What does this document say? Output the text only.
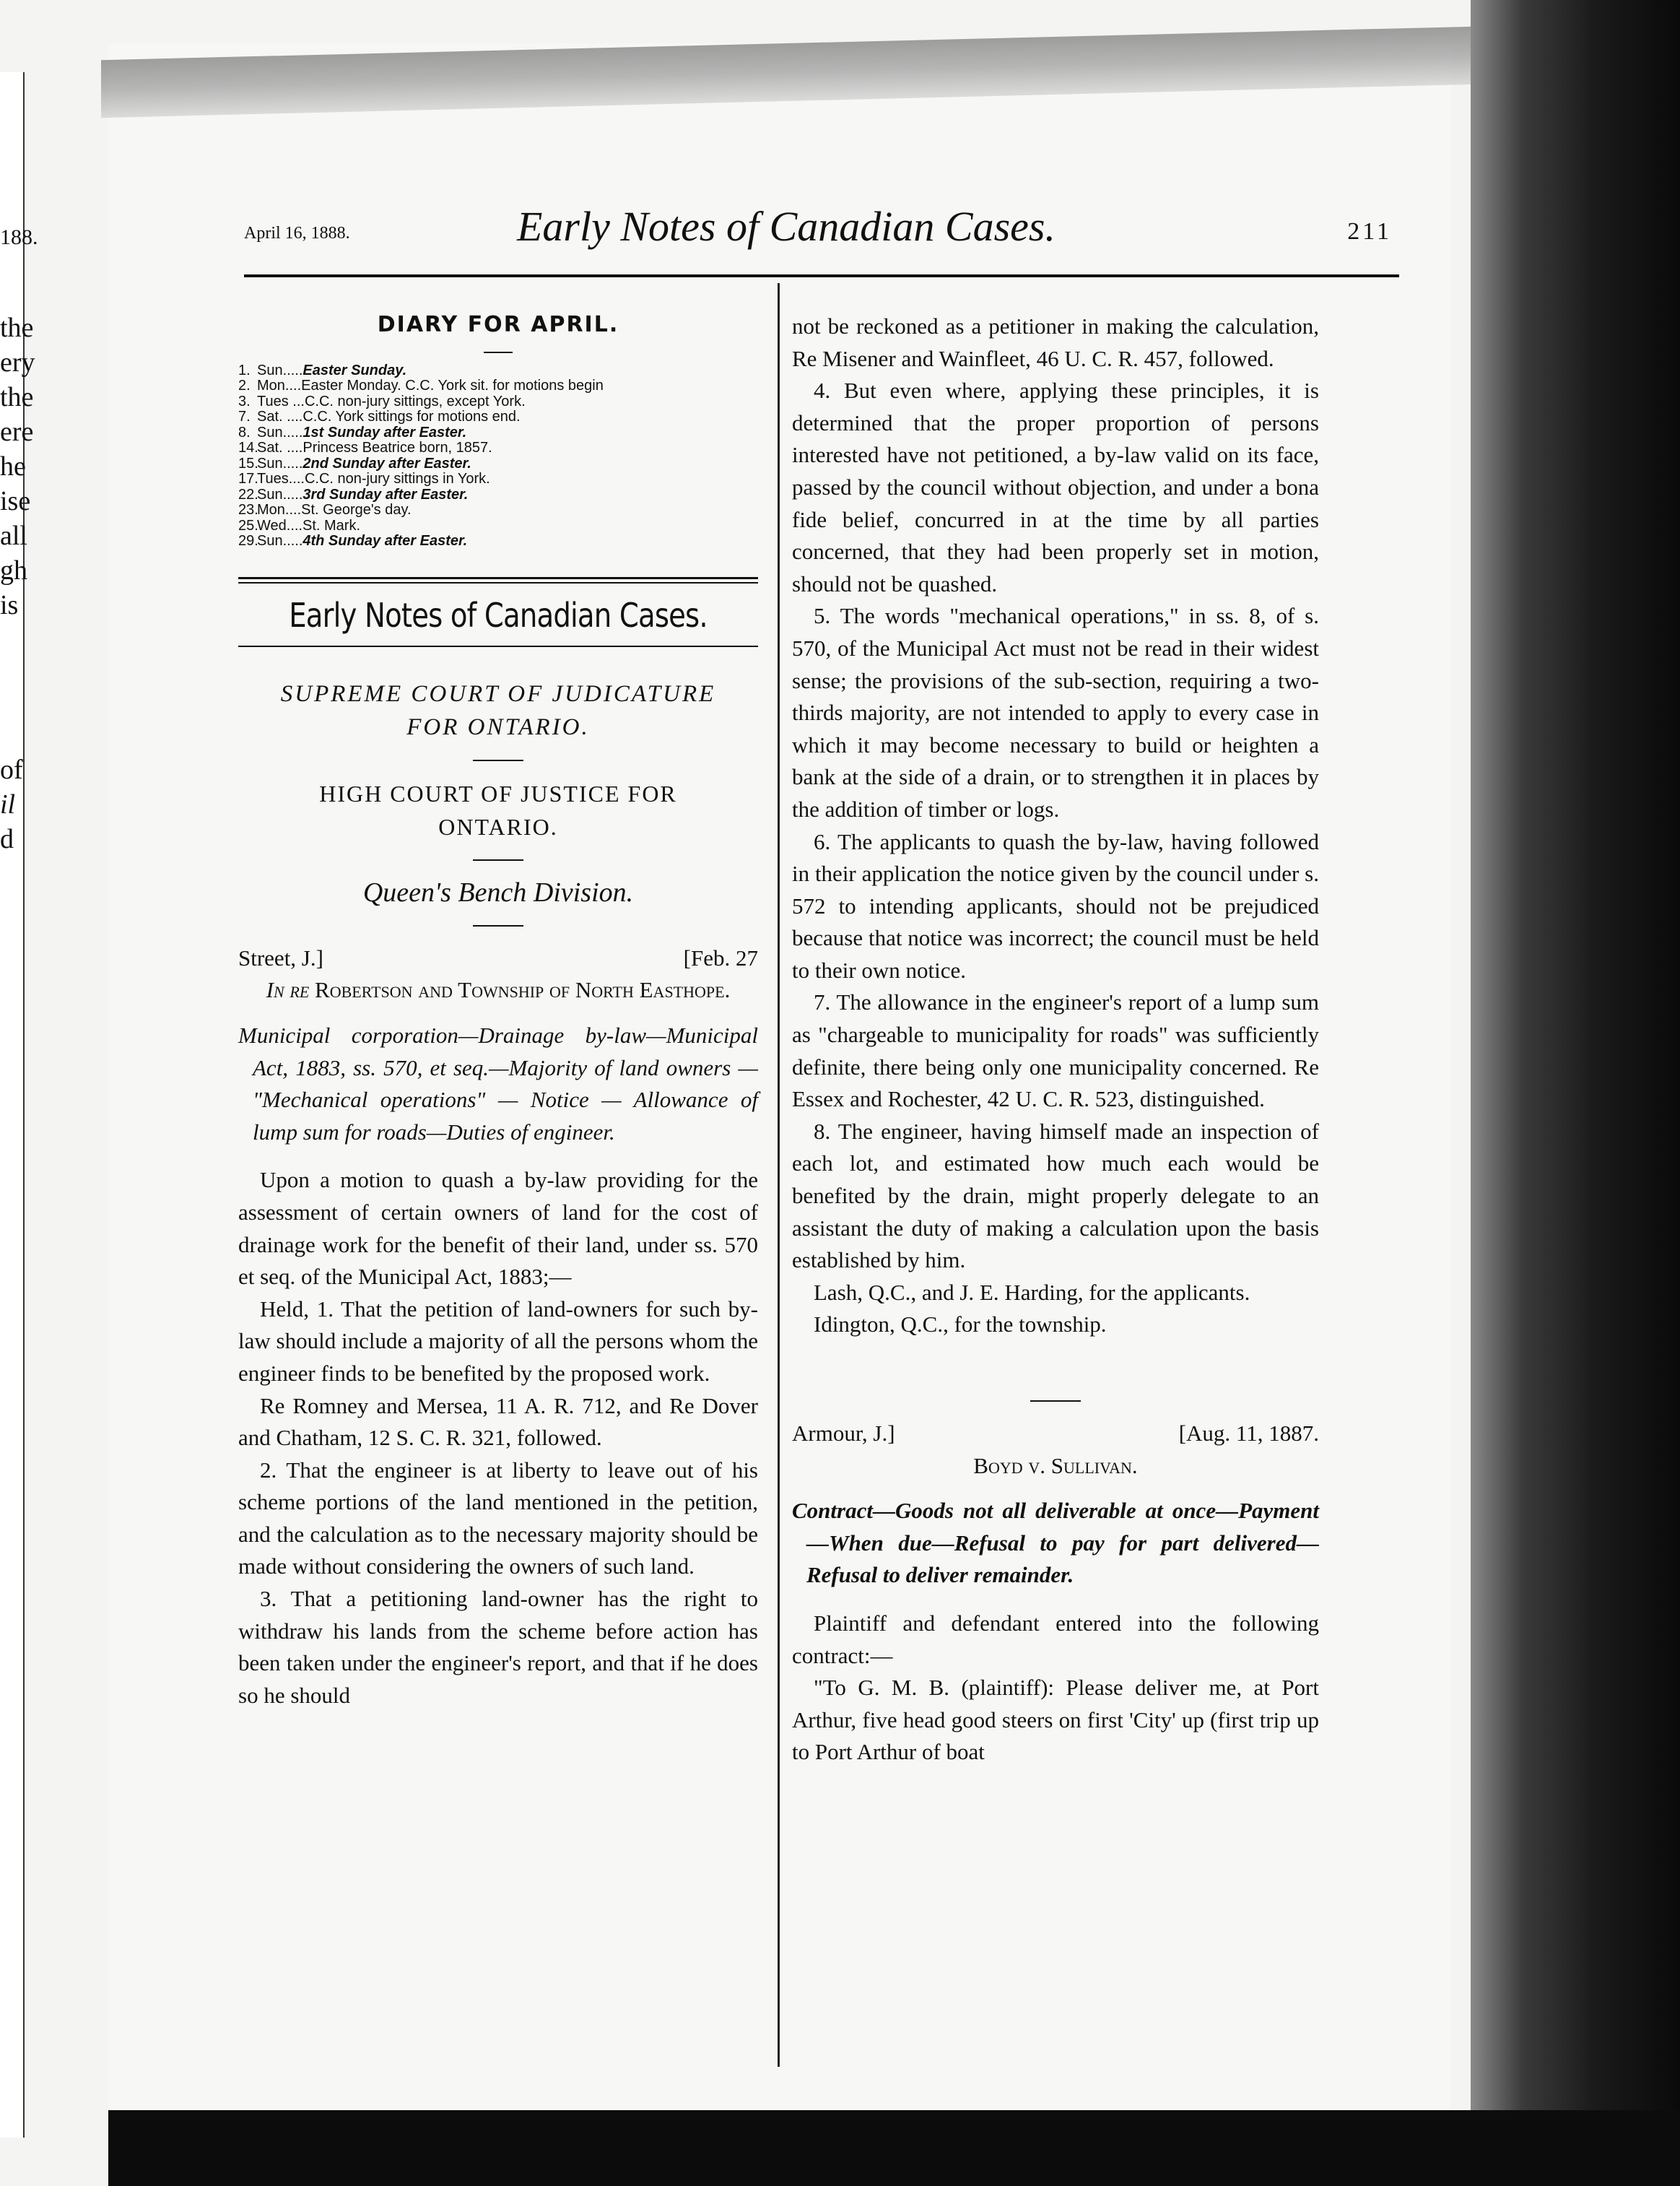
188.
the
ery
the
ere
he
ise
all
gh
is
of
il
d
April 16, 1888.	Early Notes of Canadian Cases.	211
DIARY FOR APRIL.
1. Sun.....Easter Sunday.
2. Mon....Easter Monday. C.C. York sit. for motions begin
3. Tues ...C.C. non-jury sittings, except York.
7. Sat. ....C.C. York sittings for motions end.
8. Sun.....1st Sunday after Easter.
14.Sat. ....Princess Beatrice born, 1857.
15.Sun.....2nd Sunday after Easter.
17.Tues....C.C. non-jury sittings in York.
22.Sun.....3rd Sunday after Easter.
23.Mon....St. George's day.
25.Wed....St. Mark.
29.Sun.....4th Sunday after Easter.
Early Notes of Canadian Cases.
SUPREME COURT OF JUDICATURE
FOR ONTARIO.
HIGH COURT OF JUSTICE FOR
ONTARIO.
Queen's Bench Division.
Street, J.]	[Feb. 27
In re Robertson and Township of North Easthope.
Municipal corporation—Drainage by-law—Municipal Act, 1883, ss. 570, et seq.—Majority of land owners — "Mechanical operations" — Notice — Allowance of lump sum for roads—Duties of engineer.

Upon a motion to quash a by-law providing for the assessment of certain owners of land for the cost of drainage work for the benefit of their land, under ss. 570 et seq. of the Municipal Act, 1883;—

Held, 1. That the petition of land-owners for such by-law should include a majority of all the persons whom the engineer finds to be benefited by the proposed work.

Re Romney and Mersea, 11 A. R. 712, and Re Dover and Chatham, 12 S. C. R. 321, followed.

2. That the engineer is at liberty to leave out of his scheme portions of the land mentioned in the petition, and the calculation as to the necessary majority should be made without considering the owners of such land.

3. That a petitioning land-owner has the right to withdraw his lands from the scheme before action has been taken under the engineer's report, and that if he does so he should

not be reckoned as a petitioner in making the calculation, Re Misener and Wainfleet, 46 U. C. R. 457, followed.

4. But even where, applying these principles, it is determined that the proper proportion of persons interested have not petitioned, a by-law valid on its face, passed by the council without objection, and under a bona fide belief, concurred in at the time by all parties concerned, that they had been properly set in motion, should not be quashed.

5. The words "mechanical operations," in ss. 8, of s. 570, of the Municipal Act must not be read in their widest sense; the provisions of the sub-section, requiring a two-thirds majority, are not intended to apply to every case in which it may become necessary to build or heighten a bank at the side of a drain, or to strengthen it in places by the addition of timber or logs.

6. The applicants to quash the by-law, having followed in their application the notice given by the council under s. 572 to intending applicants, should not be prejudiced because that notice was incorrect; the council must be held to their own notice.

7. The allowance in the engineer's report of a lump sum as "chargeable to municipality for roads" was sufficiently definite, there being only one municipality concerned. Re Essex and Rochester, 42 U. C. R. 523, distinguished.

8. The engineer, having himself made an inspection of each lot, and estimated how much each would be benefited by the drain, might properly delegate to an assistant the duty of making a calculation upon the basis established by him.

Lash, Q.C., and J. E. Harding, for the applicants.

Idington, Q.C., for the township.

Armour, J.]	[Aug. 11, 1887.
Boyd v. Sullivan.
Contract—Goods not all deliverable at once—Payment—When due—Refusal to pay for part delivered—Refusal to deliver remainder.

Plaintiff and defendant entered into the following contract:—

"To G. M. B. (plaintiff): Please deliver me, at Port Arthur, five head good steers on first 'City' up (first trip up to Port Arthur of boat
